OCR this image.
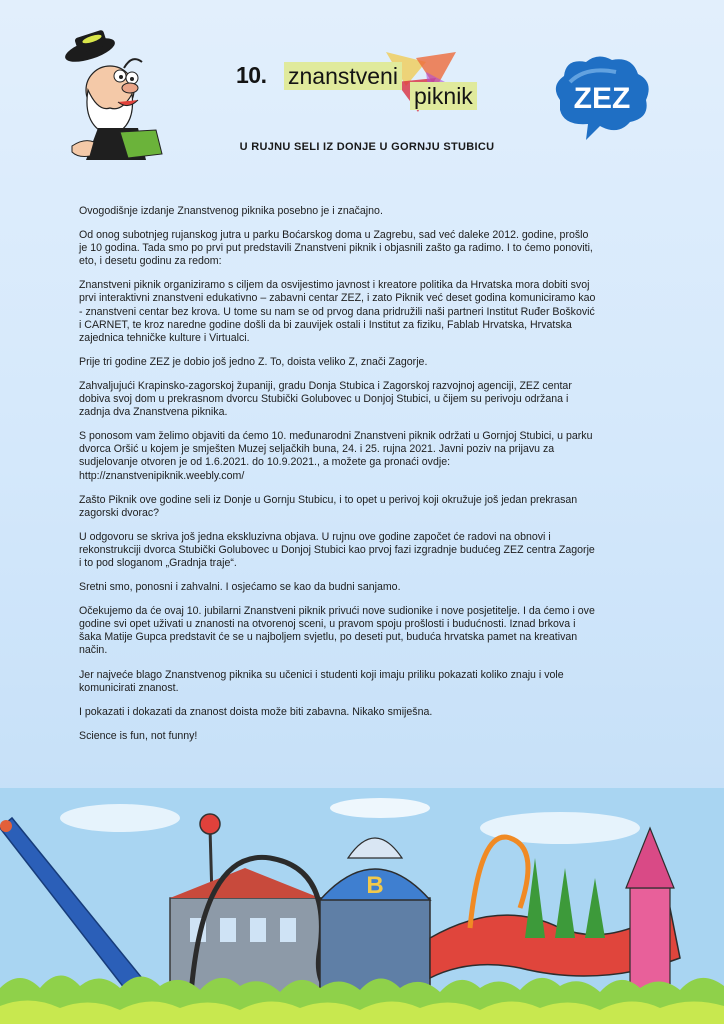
10. znanstveni
piknik	ZEZ
U RUJNU SELI IZ DONJE U GORNJU STUBICU

Ovogodišnje izdanje Znanstvenog piknika posebno je i značajno.

Od onog subotnjeg rujanskog jutra u parku Boćarskog doma u Zagrebu, sad već daleke 2012. godine, prošlo je 10 godina. Tada smo po prvi put predstavili Znanstveni piknik i objasnili zašto ga radimo. I to ćemo ponoviti, eto, i desetu godinu za redom:

Znanstveni piknik organiziramo s ciljem da osvijestimo javnost i kreatore politika da Hrvatska mora dobiti svoj prvi interaktivni znanstveni edukativno – zabavni centar ZEZ, i zato Piknik već deset godina komuniciramo kao - znanstveni centar bez krova. U tome su nam se od prvog dana pridružili naši partneri Institut Ruđer Bošković i CARNET, te kroz naredne godine došli da bi zauvijek ostali i Institut za fiziku, Fablab Hrvatska, Hrvatska zajednica tehničke kulture i Virtualci.

Prije tri godine ZEZ je dobio još jedno Z. To, doista veliko Z, znači Zagorje.

Zahvaljujući Krapinsko-zagorskoj županiji, gradu Donja Stubica i Zagorskoj razvojnoj agenciji, ZEZ centar dobiva svoj dom u prekrasnom dvorcu Stubički Golubovec u Donjoj Stubici, u čijem su perivoju održana i zadnja dva Znanstvena piknika.

S ponosom vam želimo objaviti da ćemo 10. međunarodni Znanstveni piknik održati u Gornjoj Stubici, u parku dvorca Oršić u kojem je smješten Muzej seljačkih buna, 24. i 25. rujna 2021. Javni poziv na prijavu za sudjelovanje otvoren je od 1.6.2021. do 10.9.2021., a možete ga pronaći ovdje: http://znanstvenipiknik.weebly.com/

Zašto Piknik ove godine seli iz Donje u Gornju Stubicu, i to opet u perivoj koji okružuje još jedan prekrasan zagorski dvorac?

U odgovoru se skriva još jedna ekskluzivna objava. U rujnu ove godine započet će radovi na obnovi i rekonstrukciji dvorca Stubički Golubovec u Donjoj Stubici kao prvoj fazi izgradnje budućeg ZEZ centra Zagorje i to pod sloganom „Gradnja traje“.

Sretni smo, ponosni i zahvalni. I osjećamo se kao da budni sanjamo.

Očekujemo da će ovaj 10. jubilarni Znanstveni piknik privući nove sudionike i nove posjetitelje. I da ćemo i ove godine svi opet uživati u znanosti na otvorenoj sceni, u pravom spoju prošlosti i budućnosti. Iznad brkova i šaka Matije Gupca predstavit će se u najboljem svjetlu, po deseti put, buduća hrvatska pamet na kreativan način.

Jer najveće blago Znanstvenog piknika su učenici i studenti koji imaju priliku pokazati koliko znaju i vole komunicirati znanost.

I pokazati i dokazati da znanost doista može biti zabavna. Nikako smiješna.

Science is fun, not funny!

B
